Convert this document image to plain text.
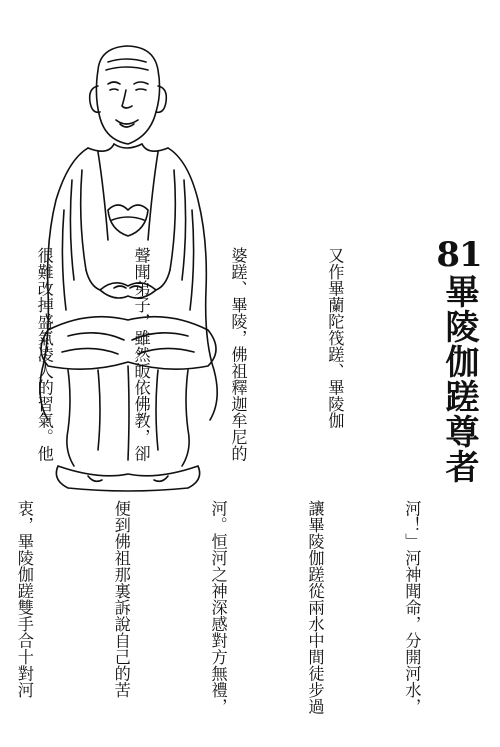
81
畢陵伽蹉尊者

又作畢蘭陀筏蹉、畢陵伽

婆蹉、畢陵，佛祖釋迦牟尼的

聲聞弟子，雖然皈依佛教，卻

很難改掉盛氣凌人的習氣。他

河！」河神聞命，分開河水，

讓畢陵伽蹉從兩水中間徒步過

河。恒河之神深感對方無禮，

便到佛祖那裏訴說自己的苦

衷，畢陵伽蹉雙手合十對河
